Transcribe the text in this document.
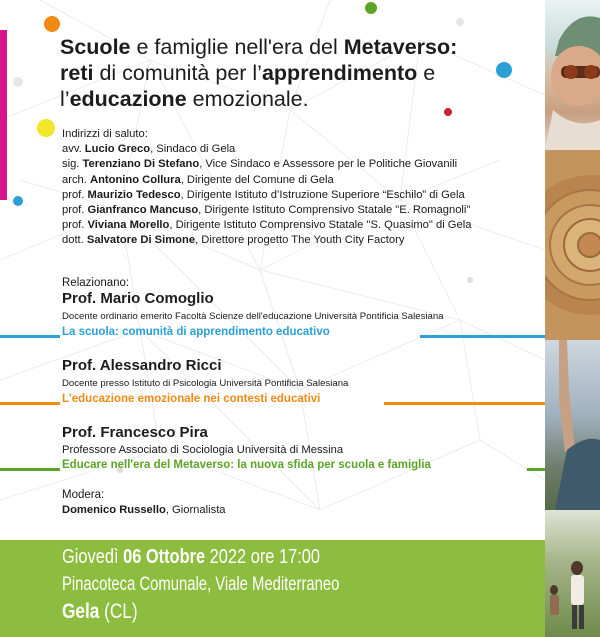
Scuole e famiglie nell'era del Metaverso:
reti di comunità per l’apprendimento e
l’educazione emozionale.
Indirizzi di saluto:
avv. Lucio Greco, Sindaco di Gela
sig. Terenziano Di Stefano, Vice Sindaco e Assessore per le Politiche Giovanili
arch. Antonino Collura, Dirigente del Comune di Gela
prof. Maurizio Tedesco, Dirigente Istituto d’Istruzione Superiore “Eschilo” di Gela
prof. Gianfranco Mancuso, Dirigente Istituto Comprensivo Statale "E. Romagnoli"
prof. Viviana Morello, Dirigente Istituto Comprensivo Statale "S. Quasimo" di Gela
dott. Salvatore Di Simone, Direttore progetto The Youth City Factory
Relazionano:
Prof. Mario Comoglio
Docente ordinario emerito Facoltà Scienze dell'educazione Università Pontificia Salesiana
La scuola: comunità di apprendimento educativo
Prof. Alessandro Ricci
Docente presso Istituto di Psicologia Università Pontificia Salesiana
L'educazione emozionale nei contesti educativi
Prof. Francesco Pira
Professore Associato di Sociologia Università di Messina
Educare nell'era del Metaverso: la nuova sfida per scuola e famiglia
Modera:
Domenico Russello, Giornalista
Giovedì 06 Ottobre 2022 ore 17:00
Pinacoteca Comunale, Viale Mediterraneo
Gela (CL)
